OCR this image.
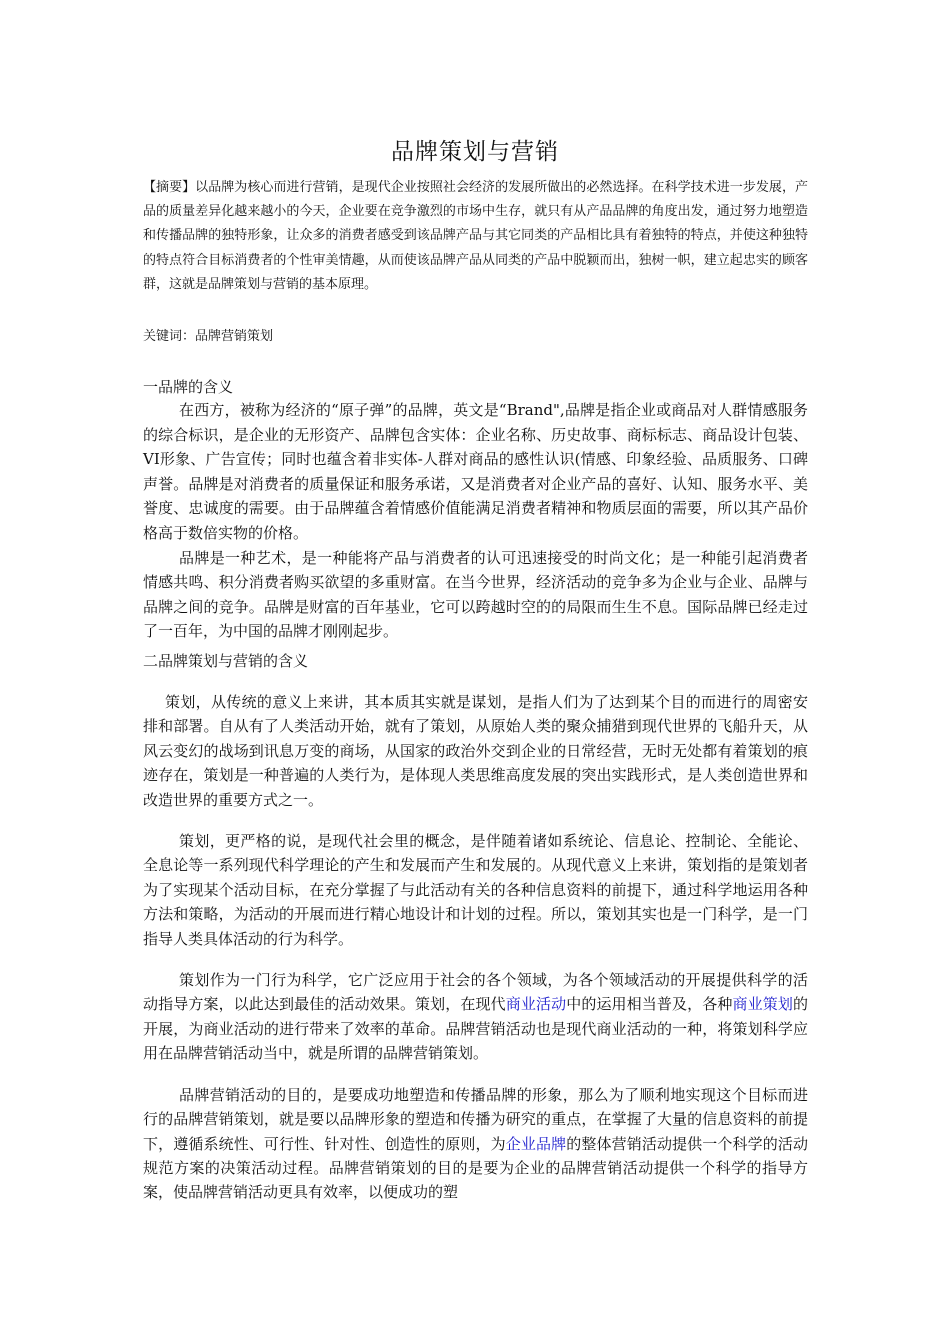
品牌策划与营销

【摘要】以品牌为核心而进行营销，是现代企业按照社会经济的发展所做出的必然选择。在科学技术进一步发展，产品的质量差异化越来越小的今天，企业要在竞争激烈的市场中生存，就只有从产品品牌的角度出发，通过努力地塑造和传播品牌的独特形象，让众多的消费者感受到该品牌产品与其它同类的产品相比具有着独特的特点，并使这种独特的特点符合目标消费者的个性审美情趣，从而使该品牌产品从同类的产品中脱颖而出，独树一帜，建立起忠实的顾客群，这就是品牌策划与营销的基本原理。

关键词：品牌营销策划
一品牌的含义

在西方，被称为经济的“原子弹”的品牌，英文是“Brand",品牌是指企业或商品对人群情感服务的综合标识，是企业的无形资产、品牌包含实体：企业名称、历史故事、商标标志、商品设计包装、VI形象、广告宣传；同时也蕴含着非实体-人群对商品的感性认识(情感、印象经验、品质服务、口碑声誉。品牌是对消费者的质量保证和服务承诺，又是消费者对企业产品的喜好、认知、服务水平、美誉度、忠诚度的需要。由于品牌蕴含着情感价值能满足消费者精神和物质层面的需要，所以其产品价格高于数倍实物的价格。

品牌是一种艺术，是一种能将产品与消费者的认可迅速接受的时尚文化；是一种能引起消费者情感共鸣、积分消费者购买欲望的多重财富。在当今世界，经济活动的竞争多为企业与企业、品牌与品牌之间的竞争。品牌是财富的百年基业，它可以跨越时空的的局限而生生不息。国际品牌已经走过了一百年，为中国的品牌才刚刚起步。

二品牌策划与营销的含义

策划，从传统的意义上来讲，其本质其实就是谋划，是指人们为了达到某个目的而进行的周密安排和部署。自从有了人类活动开始，就有了策划，从原始人类的聚众捕猎到现代世界的飞船升天，从风云变幻的战场到讯息万变的商场，从国家的政治外交到企业的日常经营，无时无处都有着策划的痕迹存在，策划是一种普遍的人类行为，是体现人类思维高度发展的突出实践形式，是人类创造世界和改造世界的重要方式之一。

策划，更严格的说，是现代社会里的概念，是伴随着诸如系统论、信息论、控制论、全能论、全息论等一系列现代科学理论的产生和发展而产生和发展的。从现代意义上来讲，策划指的是策划者为了实现某个活动目标，在充分掌握了与此活动有关的各种信息资料的前提下，通过科学地运用各种方法和策略，为活动的开展而进行精心地设计和计划的过程。所以，策划其实也是一门科学，是一门指导人类具体活动的行为科学。

策划作为一门行为科学，它广泛应用于社会的各个领域，为各个领域活动的开展提供科学的活动指导方案，以此达到最佳的活动效果。策划，在现代商业活动中的运用相当普及，各种商业策划的开展，为商业活动的进行带来了效率的革命。品牌营销活动也是现代商业活动的一种，将策划科学应用在品牌营销活动当中，就是所谓的品牌营销策划。

品牌营销活动的目的，是要成功地塑造和传播品牌的形象，那么为了顺利地实现这个目标而进行的品牌营销策划，就是要以品牌形象的塑造和传播为研究的重点，在掌握了大量的信息资料的前提下，遵循系统性、可行性、针对性、创造性的原则，为企业品牌的整体营销活动提供一个科学的活动规范方案的决策活动过程。品牌营销策划的目的是要为企业的品牌营销活动提供一个科学的指导方案，使品牌营销活动更具有效率，以便成功的塑
